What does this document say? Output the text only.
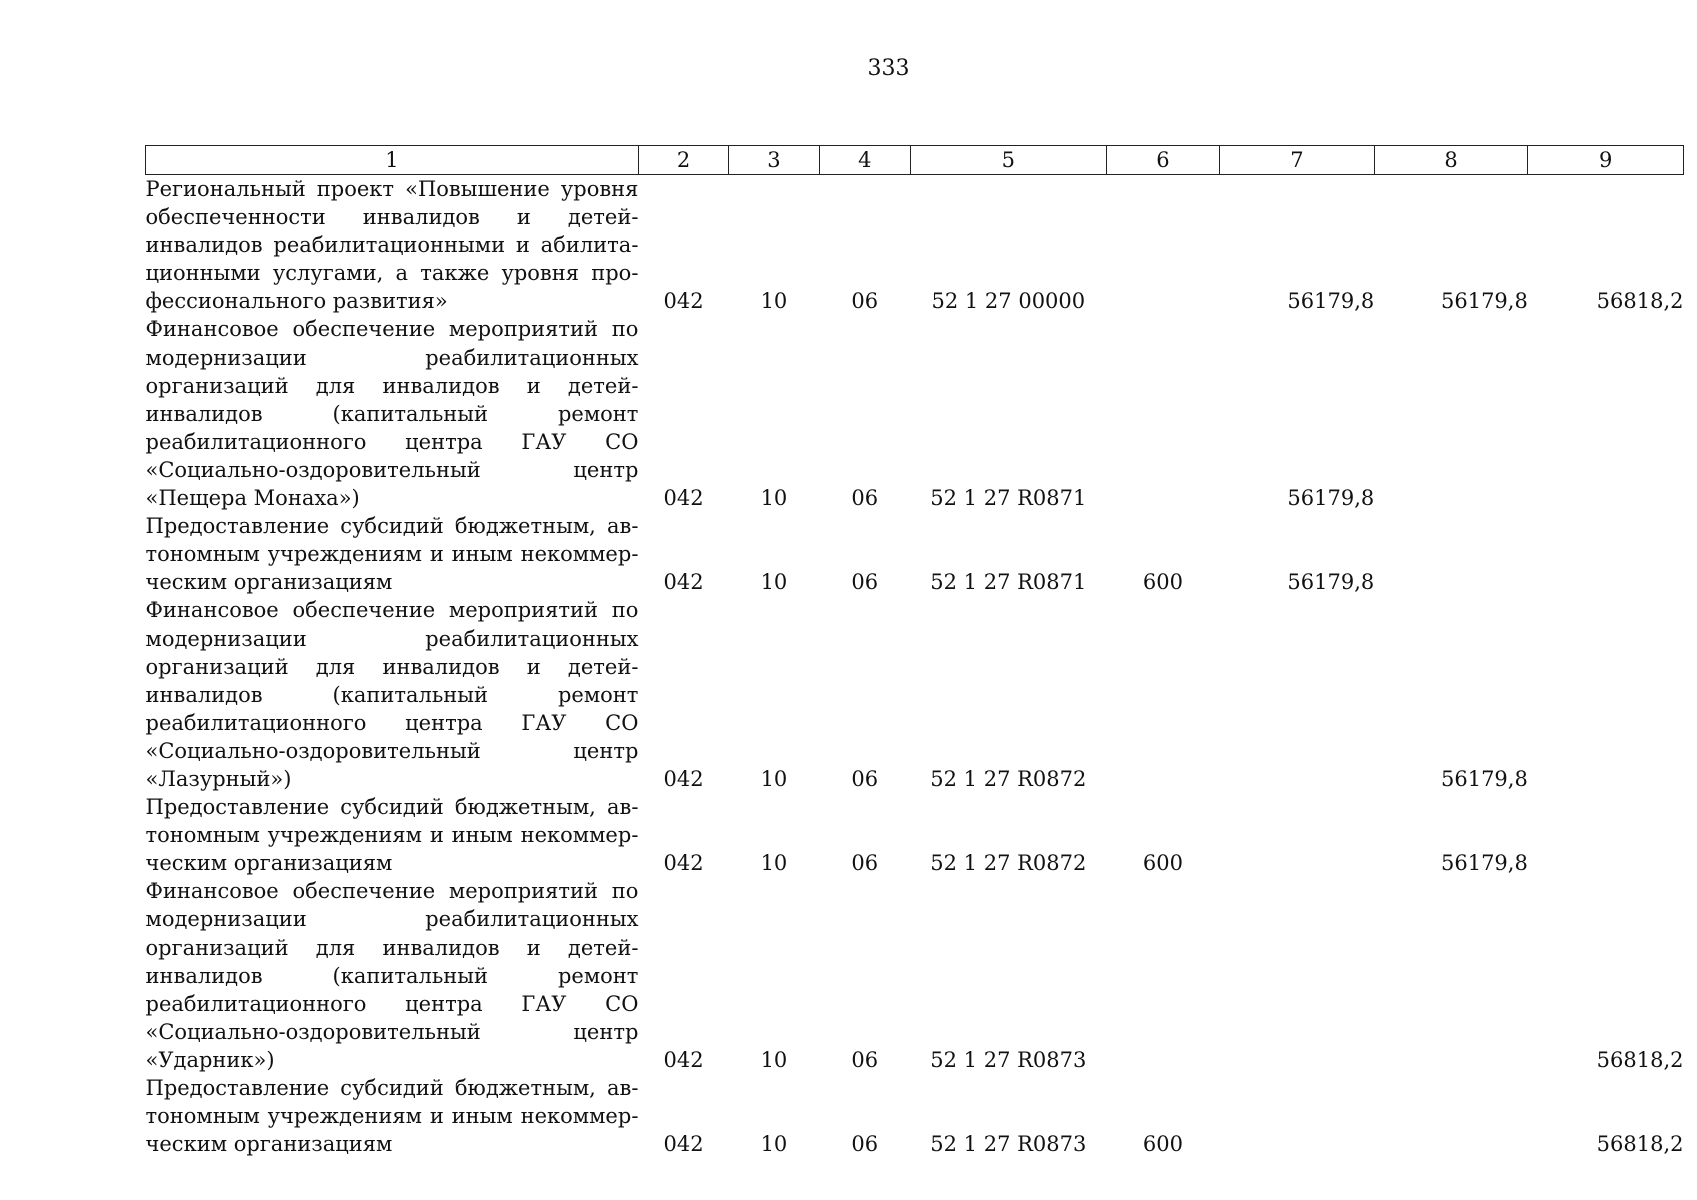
333
1	2	3	4	5	6	7	8	9
Региональный проект «Повышение уровня обеспеченности инвалидов и детей-инвалидов реабилитационными и абилитационными услугами, а также уровня профессионального развития»	042	10	06	52 1 27 00000		56179,8	56179,8	56818,2
Финансовое обеспечение мероприятий по модернизации реабилитационных организаций для инвалидов и детей-инвалидов (капитальный ремонт реабилитационного центра ГАУ СО «Социально-оздоровительный центр «Пещера Монаха»)	042	10	06	52 1 27 R0871		56179,8		
Предоставление субсидий бюджетным, автономным учреждениям и иным некоммерческим организациям	042	10	06	52 1 27 R0871	600	56179,8		
Финансовое обеспечение мероприятий по модернизации реабилитационных организаций для инвалидов и детей-инвалидов (капитальный ремонт реабилитационного центра ГАУ СО «Социально-оздоровительный центр «Лазурный»)	042	10	06	52 1 27 R0872			56179,8	
Предоставление субсидий бюджетным, автономным учреждениям и иным некоммерческим организациям	042	10	06	52 1 27 R0872	600		56179,8	
Финансовое обеспечение мероприятий по модернизации реабилитационных организаций для инвалидов и детей-инвалидов (капитальный ремонт реабилитационного центра ГАУ СО «Социально-оздоровительный центр «Ударник»)	042	10	06	52 1 27 R0873				56818,2
Предоставление субсидий бюджетным, автономным учреждениям и иным некоммерческим организациям	042	10	06	52 1 27 R0873	600			56818,2
